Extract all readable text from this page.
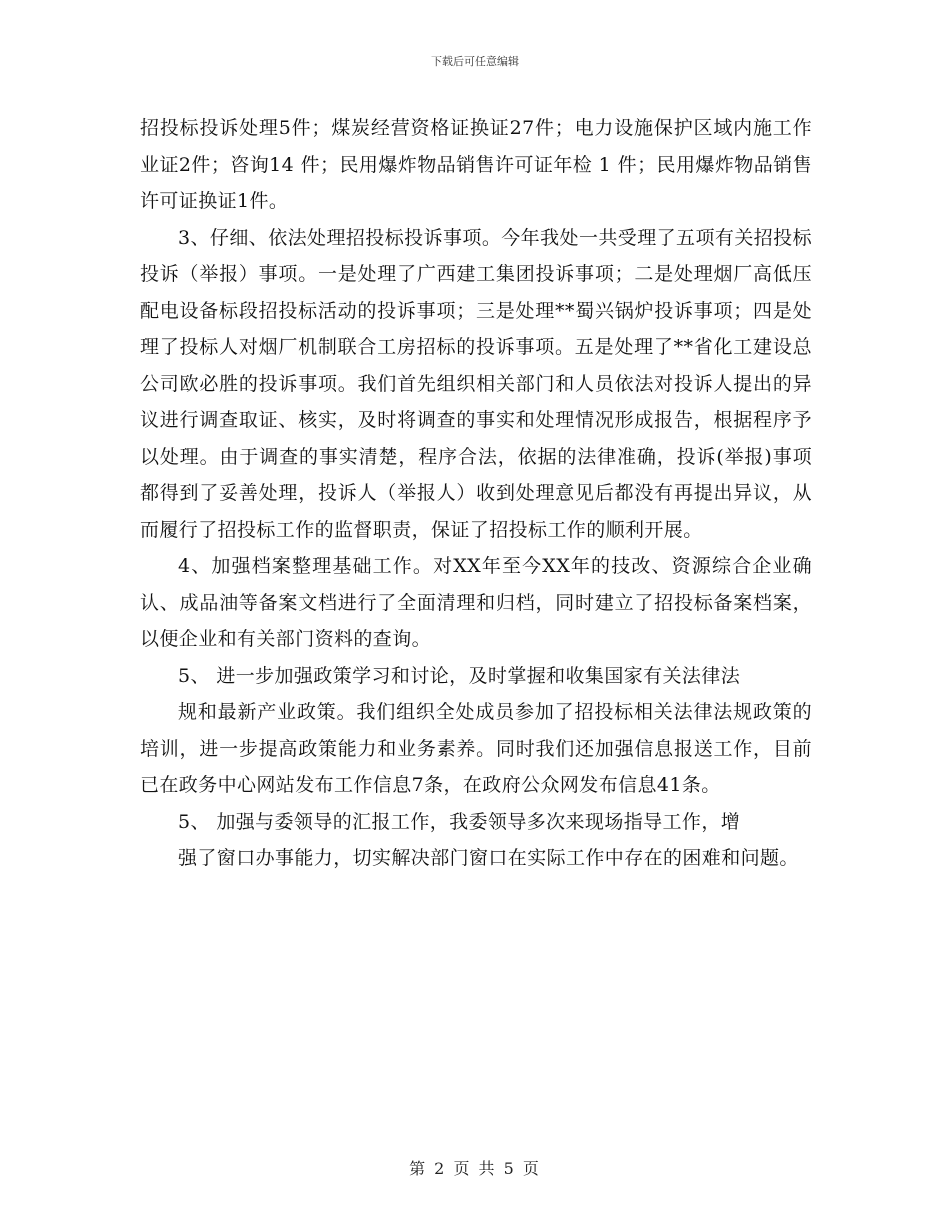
下载后可任意编辑

招投标投诉处理5件；煤炭经营资格证换证27件；电力设施保护区域内施工作业证2件；咨询14 件；民用爆炸物品销售许可证年检 1 件；民用爆炸物品销售许可证换证1件。

3、仔细、依法处理招投标投诉事项。今年我处一共受理了五项有关招投标投诉（举报）事项。一是处理了广西建工集团投诉事项；二是处理烟厂高低压配电设备标段招投标活动的投诉事项；三是处理**蜀兴锅炉投诉事项；四是处理了投标人对烟厂机制联合工房招标的投诉事项。五是处理了**省化工建设总公司欧必胜的投诉事项。我们首先组织相关部门和人员依法对投诉人提出的异议进行调查取证、核实，及时将调查的事实和处理情况形成报告，根据程序予以处理。由于调查的事实清楚，程序合法，依据的法律准确，投诉(举报)事项都得到了妥善处理，投诉人（举报人）收到处理意见后都没有再提出异议，从而履行了招投标工作的监督职责，保证了招投标工作的顺利开展。

4、加强档案整理基础工作。对XX年至今XX年的技改、资源综合企业确认、成品油等备案文档进行了全面清理和归档，同时建立了招投标备案档案，以便企业和有关部门资料的查询。

5、 进一步加强政策学习和讨论，及时掌握和收集国家有关法律法

规和最新产业政策。我们组织全处成员参加了招投标相关法律法规政策的培训，进一步提高政策能力和业务素养。同时我们还加强信息报送工作，目前已在政务中心网站发布工作信息7条，在政府公众网发布信息41条。

5、 加强与委领导的汇报工作，我委领导多次来现场指导工作，增

强了窗口办事能力，切实解决部门窗口在实际工作中存在的困难和问题。

第 2 页 共 5 页
